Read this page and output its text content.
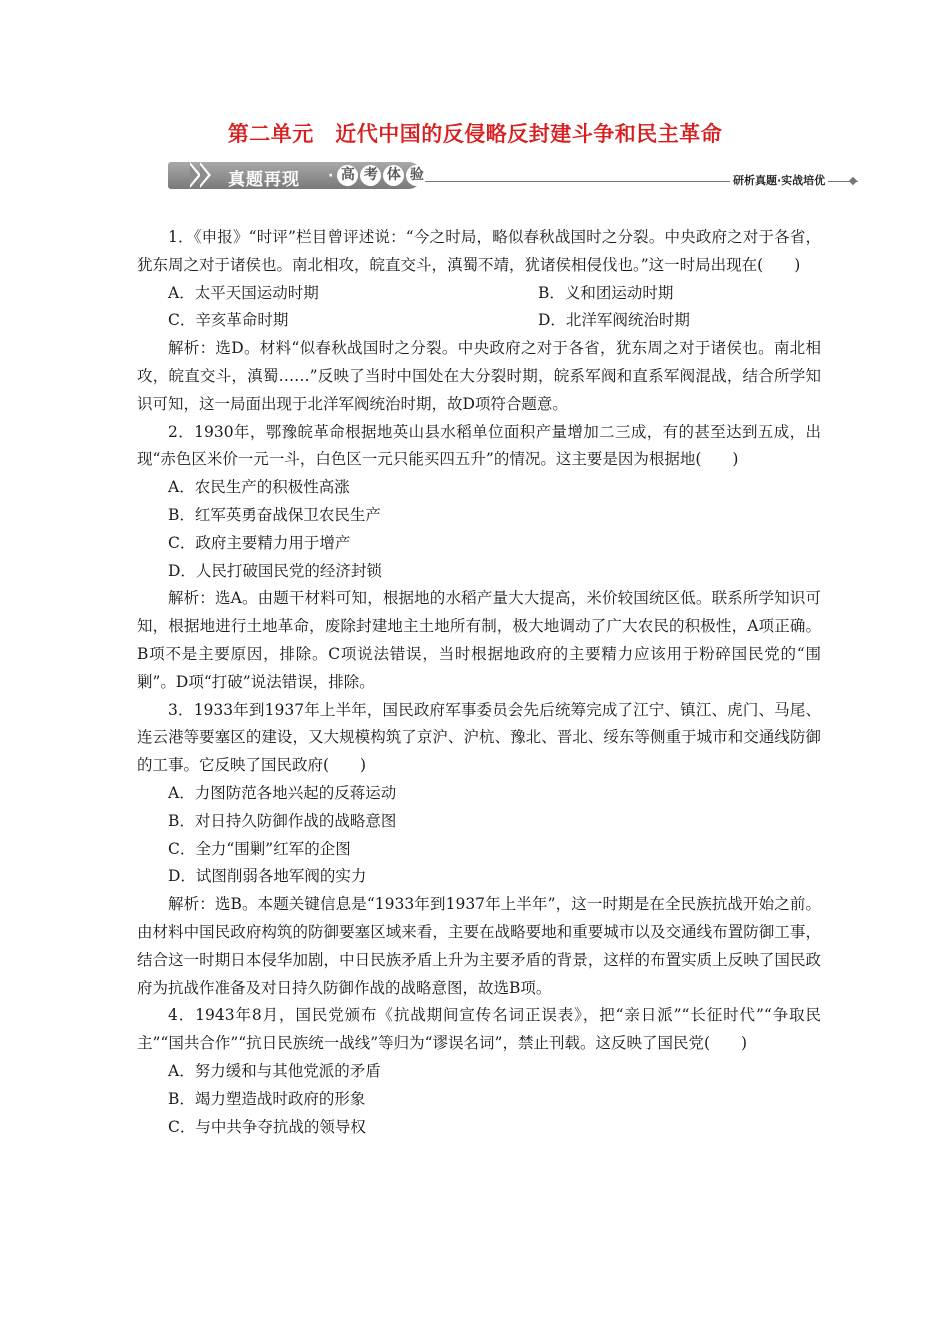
第二单元　近代中国的反侵略反封建斗争和民主革命
研析真题·实战培优
真题再现 · 高 考 体 验

1．《申报》“时评”栏目曾评述说：“今之时局，略似春秋战国时之分裂。中央政府之对于各省，犹东周之对于诸侯也。南北相攻，皖直交斗，滇蜀不靖，犹诸侯相侵伐也。”这一时局出现在(　　)

A．太平天国运动时期	B．义和团运动时期
C．辛亥革命时期	D．北洋军阀统治时期

解析：选D。材料“似春秋战国时之分裂。中央政府之对于各省，犹东周之对于诸侯也。南北相攻，皖直交斗，滇蜀……”反映了当时中国处在大分裂时期，皖系军阀和直系军阀混战，结合所学知识可知，这一局面出现于北洋军阀统治时期，故D项符合题意。

2．1930年，鄂豫皖革命根据地英山县水稻单位面积产量增加二三成，有的甚至达到五成，出现“赤色区米价一元一斗，白色区一元只能买四五升”的情况。这主要是因为根据地(　　)

A．农民生产的积极性高涨

B．红军英勇奋战保卫农民生产

C．政府主要精力用于增产

D．人民打破国民党的经济封锁

解析：选A。由题干材料可知，根据地的水稻产量大大提高，米价较国统区低。联系所学知识可知，根据地进行土地革命，废除封建地主土地所有制，极大地调动了广大农民的积极性，A项正确。B项不是主要原因，排除。C项说法错误，当时根据地政府的主要精力应该用于粉碎国民党的“围剿”。D项“打破”说法错误，排除。

3．1933年到1937年上半年，国民政府军事委员会先后统筹完成了江宁、镇江、虎门、马尾、连云港等要塞区的建设，又大规模构筑了京沪、沪杭、豫北、晋北、绥东等侧重于城市和交通线防御的工事。它反映了国民政府(　　)

A．力图防范各地兴起的反蒋运动

B．对日持久防御作战的战略意图

C．全力“围剿”红军的企图

D．试图削弱各地军阀的实力

解析：选B。本题关键信息是“1933年到1937年上半年”，这一时期是在全民族抗战开始之前。由材料中国民政府构筑的防御要塞区域来看，主要在战略要地和重要城市以及交通线布置防御工事，结合这一时期日本侵华加剧，中日民族矛盾上升为主要矛盾的背景，这样的布置实质上反映了国民政府为抗战作准备及对日持久防御作战的战略意图，故选B项。

4．1943年8月，国民党颁布《抗战期间宣传名词正误表》，把“亲日派”“长征时代”“争取民主”“国共合作”“抗日民族统一战线”等归为“谬误名词”，禁止刊载。这反映了国民党(　　)

A．努力缓和与其他党派的矛盾

B．竭力塑造战时政府的形象

C．与中共争夺抗战的领导权
